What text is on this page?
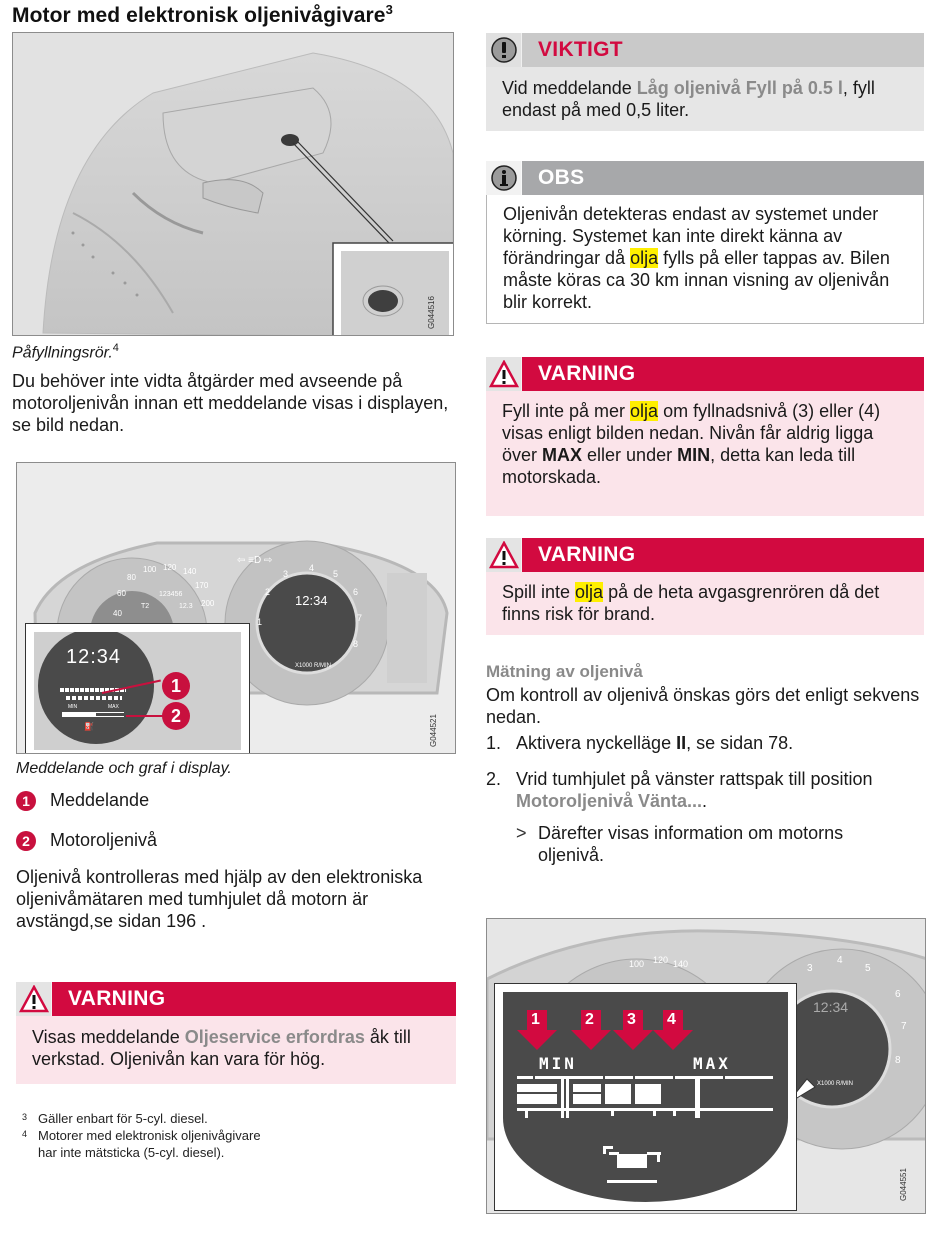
Motor med elektronisk oljenivågivare$^3$
G044516
Påfyllningsrör.$^4$
Du behöver inte vidta åtgärder med avseende på motoroljenivån innan ett meddelande visas i displayen, se bild nedan.
⇦ ≡D ⇨
40
60
80
100 120 140
170
200
123456
T2	12.3
1
2
3
4
5
6
7
8
12:34
X1000 R/MIN
12:34
MIN	MAX
⛽
1
2	G044521
Meddelande och graf i display.
1	Meddelande
2	Motoroljenivå
Oljenivå kontrolleras med hjälp av den elektroniska oljenivåmätaren med tumhjulet då motorn är avstängd,se sidan 196 .
VARNING
Visas meddelande Oljeservice erfordras åk till verkstad. Oljenivån kan vara för hög.
3 Gäller enbart för 5-cyl. diesel.
4 Motorer med elektronisk oljenivågivare har inte mätsticka (5-cyl. diesel).
VIKTIGT
Vid meddelande Låg oljenivå Fyll på 0.5 l, fyll endast på med 0,5 liter.
OBS
Oljenivån detekteras endast av systemet under körning. Systemet kan inte direkt känna av förändringar då olja fylls på eller tappas av. Bilen måste köras ca 30 km innan visning av oljenivån blir korrekt.
VARNING
Fyll inte på mer olja om fyllnadsnivå (3) eller (4) visas enligt bilden nedan. Nivån får aldrig ligga över MAX eller under MIN, detta kan leda till motorskada.
VARNING
Spill inte olja på de heta avgasgrenrören då det finns risk för brand.
Mätning av oljenivå
Om kontroll av oljenivå önskas görs det enligt sekvens nedan.
1. Aktivera nyckelläge II, se sidan 78.
2. Vrid tumhjulet på vänster rattspak till position Motoroljenivå Vänta....
> Därefter visas information om motorns oljenivå.
100 120 140	3
4
5
6
7
8
12:34
X1000 R/MIN
1	2 3 4
MIN	MAX
G044551
